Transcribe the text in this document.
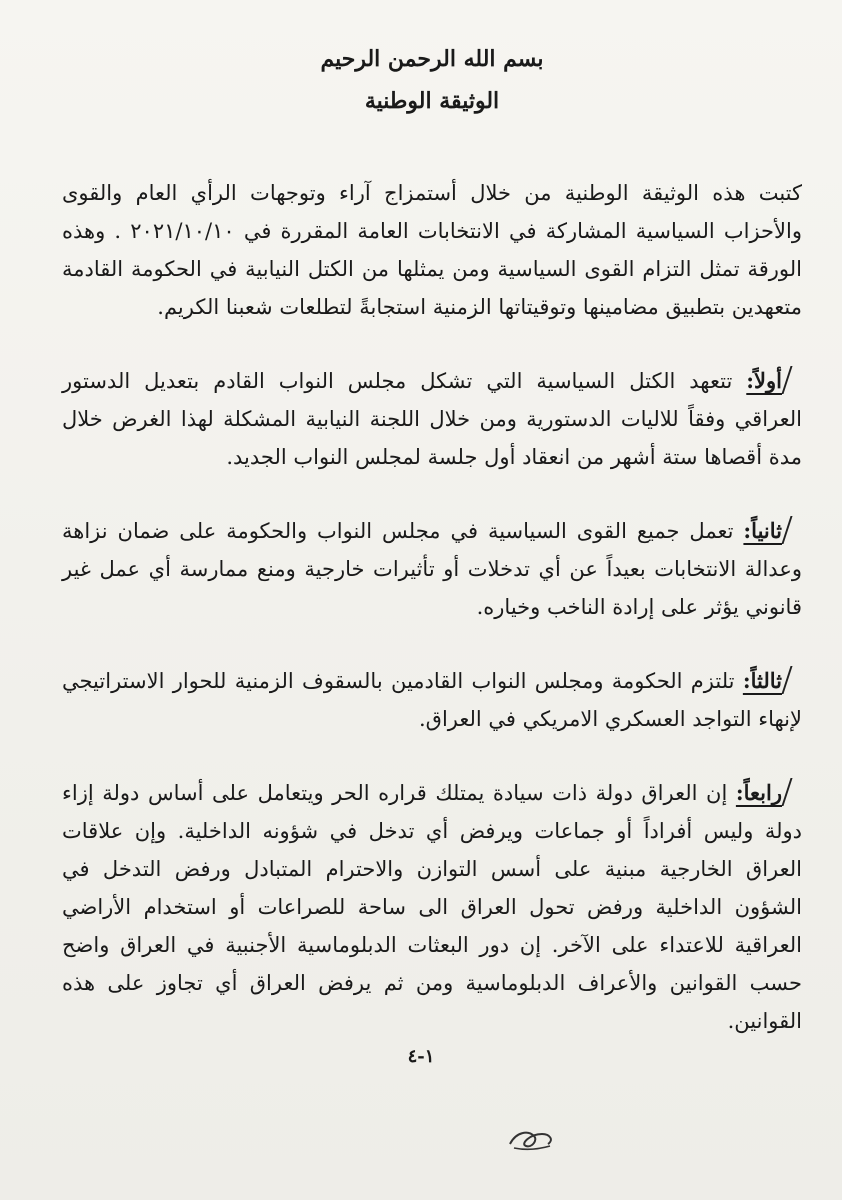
بسم الله الرحمن الرحيم
الوثيقة الوطنية
كتبت هذه الوثيقة الوطنية من خلال أستمزاج آراء وتوجهات الرأي العام والقوى والأحزاب السياسية المشاركة في الانتخابات العامة المقررة في ٢٠٢١/١٠/١٠ . وهذه الورقة تمثل التزام القوى السياسية ومن يمثلها من الكتل النيابية في الحكومة القادمة متعهدين بتطبيق مضامينها وتوقيتاتها الزمنية استجابةً لتطلعات شعبنا الكريم.
أولاً: تتعهد الكتل السياسية التي تشكل مجلس النواب القادم بتعديل الدستور العراقي وفقاً للاليات الدستورية ومن خلال اللجنة النيابية المشكلة لهذا الغرض خلال مدة أقصاها ستة أشهر من انعقاد أول جلسة لمجلس النواب الجديد.
ثانياً: تعمل جميع القوى السياسية في مجلس النواب والحكومة على ضمان نزاهة وعدالة الانتخابات بعيداً عن أي تدخلات أو تأثيرات خارجية ومنع ممارسة أي عمل غير قانوني يؤثر على إرادة الناخب وخياره.
ثالثاً: تلتزم الحكومة ومجلس النواب القادمين بالسقوف الزمنية للحوار الاستراتيجي لإنهاء التواجد العسكري الامريكي في العراق.
رابعاً: إن العراق دولة ذات سيادة يمتلك قراره الحر ويتعامل على أساس دولة إزاء دولة وليس أفراداً أو جماعات ويرفض أي تدخل في شؤونه الداخلية. وإن علاقات العراق الخارجية مبنية على أسس التوازن والاحترام المتبادل ورفض التدخل في الشؤون الداخلية ورفض تحول العراق الى ساحة للصراعات أو استخدام الأراضي العراقية للاعتداء على الآخر. إن دور البعثات الدبلوماسية الأجنبية في العراق واضح حسب القوانين والأعراف الدبلوماسية ومن ثم يرفض العراق أي تجاوز على هذه القوانين.
١-٤
